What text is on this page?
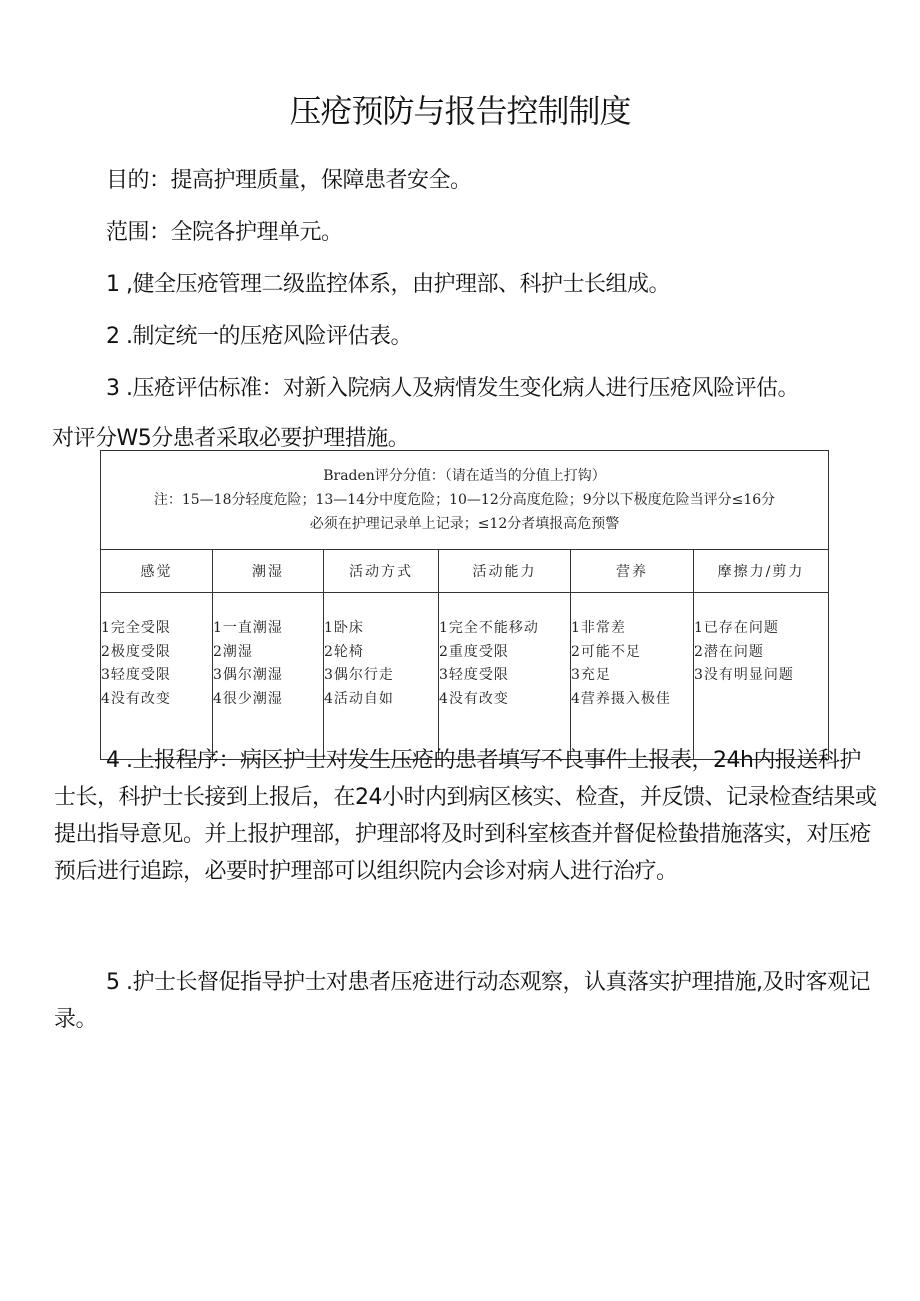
压疮预防与报告控制制度

目的：提高护理质量，保障患者安全。

范围：全院各护理单元。

1 ,健全压疮管理二级监控体系，由护理部、科护士长组成。

2 .制定统一的压疮风险评估表。

3 .压疮评估标准：对新入院病人及病情发生变化病人进行压疮风险评估。

对评分W5分患者采取必要护理措施。

Braden评分分值：（请在适当的分值上打钩）
注：15—18分轻度危险；13—14分中度危险；10—12分高度危险；9分以下极度危险当评分≤16分
必须在护理记录单上记录；≤12分者填报高危预警					

感觉	潮湿	活动方式	活动能力	营养	摩擦力/剪力

1完全受限
2极度受限
3轻度受限
4没有改变	1一直潮湿
2潮湿
3偶尔潮湿
4很少潮湿	1卧床
2轮椅
3偶尔行走
4活动自如	1完全不能移动
2重度受限
3轻度受限
4没有改变	1非常差
2可能不足
3充足
4营养摄入极佳	1已存在问题
2潜在问题
3没有明显问题

4 .上报程序：病区护士对发生压疮的患者填写不良事件上报表，24h内报送科护士长，科护士长接到上报后，在24小时内到病区核实、检查，并反馈、记录检查结果或提出指导意见。并上报护理部，护理部将及时到科室核查并督促检蛰措施落实，对压疮预后进行追踪，必要时护理部可以组织院内会诊对病人进行治疗。

5 .护士长督促指导护士对患者压疮进行动态观察，认真落实护理措施,及时客观记录。
